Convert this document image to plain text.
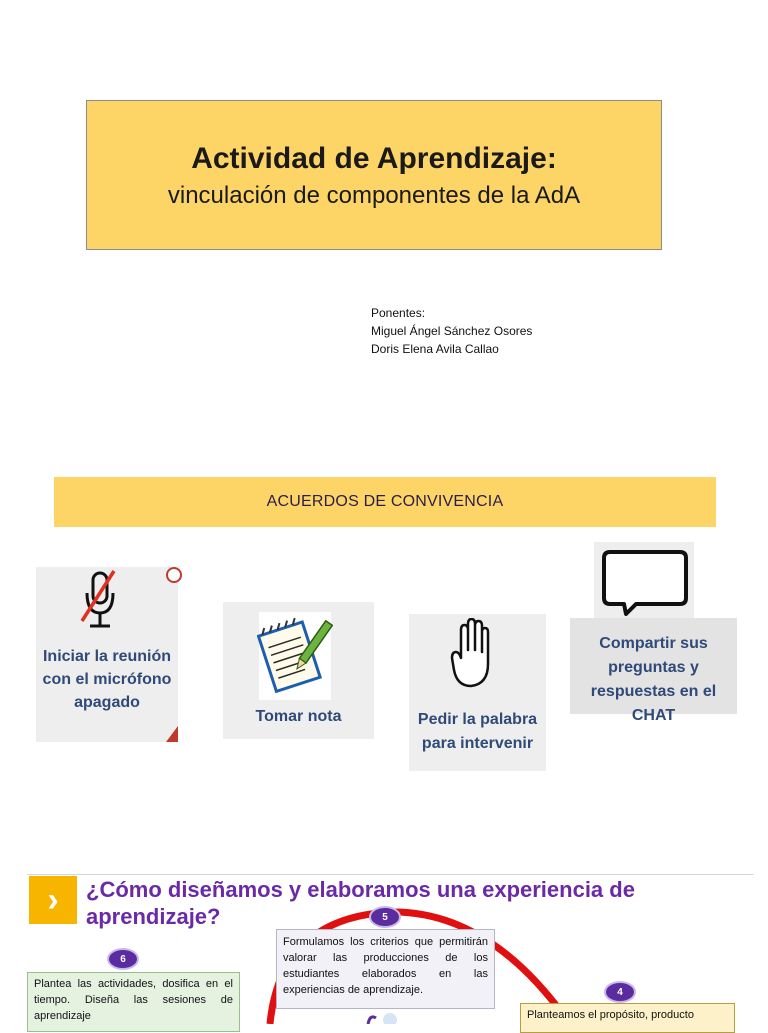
Actividad de Aprendizaje:
vinculación de componentes de la AdA
Ponentes:
Miguel Ángel Sánchez Osores
Doris Elena Avila Callao
ACUERDOS DE CONVIVENCIA
Iniciar la reunión con el micrófono apagado
Tomar nota	Pedir la palabra para intervenir
Compartir sus preguntas y respuestas en el CHAT
›	¿Cómo diseñamos y elaboramos una experiencia de aprendizaje?
Formulamos los criterios que permitirán valorar las producciones de los estudiantes elaborados en las experiencias de aprendizaje.
5
Plantea las actividades, dosifica en el tiempo. Diseña las sesiones de aprendizaje
6
Planteamos el propósito, producto
4
